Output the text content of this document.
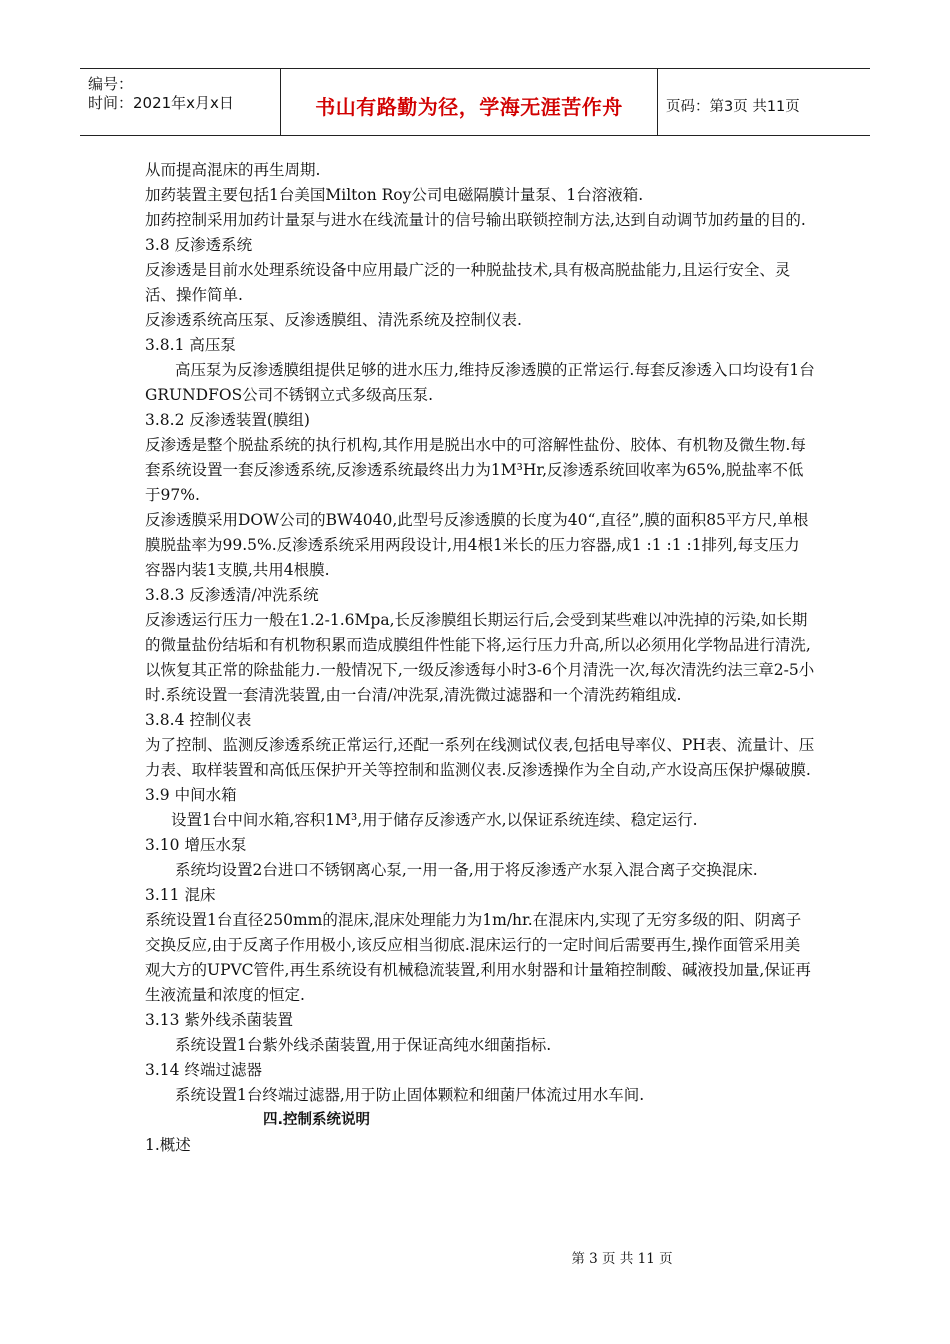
编号：
时间：2021年x月x日	书山有路勤为径，学海无涯苦作舟	页码：第3页 共11页

从而提高混床的再生周期.

加药装置主要包括1台美国Milton Roy公司电磁隔膜计量泵、1台溶液箱.

加药控制采用加药计量泵与进水在线流量计的信号输出联锁控制方法,达到自动调节加药量的目的.

3.8 反渗透系统

反渗透是目前水处理系统设备中应用最广泛的一种脱盐技术,具有极高脱盐能力,且运行安全、灵活、操作简单.

反渗透系统高压泵、反渗透膜组、清洗系统及控制仪表.

3.8.1 高压泵

高压泵为反渗透膜组提供足够的进水压力,维持反渗透膜的正常运行.每套反渗透入口均设有1台GRUNDFOS公司不锈钢立式多级高压泵.

3.8.2 反渗透装置(膜组)

反渗透是整个脱盐系统的执行机构,其作用是脱出水中的可溶解性盐份、胶体、有机物及微生物.每套系统设置一套反渗透系统,反渗透系统最终出力为1M³Hr,反渗透系统回收率为65%,脱盐率不低于97%.

反渗透膜采用DOW公司的BW4040,此型号反渗透膜的长度为40“,直径”,膜的面积85平方尺,单根膜脱盐率为99.5%.反渗透系统采用两段设计,用4根1米长的压力容器,成1 :1 :1 :1排列,每支压力容器内装1支膜,共用4根膜.

3.8.3 反渗透清/冲洗系统

反渗透运行压力一般在1.2-1.6Mpa,长反渗膜组长期运行后,会受到某些难以冲洗掉的污染,如长期的微量盐份结垢和有机物积累而造成膜组件性能下将,运行压力升高,所以必须用化学物品进行清洗,以恢复其正常的除盐能力.一般情况下,一级反渗透每小时3-6个月清洗一次,每次清洗约法三章2-5小时.系统设置一套清洗装置,由一台清/冲洗泵,清洗微过滤器和一个清洗药箱组成.

3.8.4 控制仪表

为了控制、监测反渗透系统正常运行,还配一系列在线测试仪表,包括电导率仪、PH表、流量计、压力表、取样装置和高低压保护开关等控制和监测仪表.反渗透操作为全自动,产水设高压保护爆破膜.

3.9 中间水箱

设置1台中间水箱,容积1M³,用于储存反渗透产水,以保证系统连续、稳定运行.

3.10 增压水泵

系统均设置2台进口不锈钢离心泵,一用一备,用于将反渗透产水泵入混合离子交换混床.

3.11 混床

系统设置1台直径250mm的混床,混床处理能力为1m/hr.在混床内,实现了无穷多级的阳、阴离子交换反应,由于反离子作用极小,该反应相当彻底.混床运行的一定时间后需要再生,操作面管采用美观大方的UPVC管件,再生系统设有机械稳流装置,利用水射器和计量箱控制酸、碱液投加量,保证再生液流量和浓度的恒定.

3.13 紫外线杀菌装置

系统设置1台紫外线杀菌装置,用于保证高纯水细菌指标.

3.14 终端过滤器

系统设置1台终端过滤器,用于防止固体颗粒和细菌尸体流过用水车间.

四.控制系统说明

1.概述

第 3 页 共 11 页
